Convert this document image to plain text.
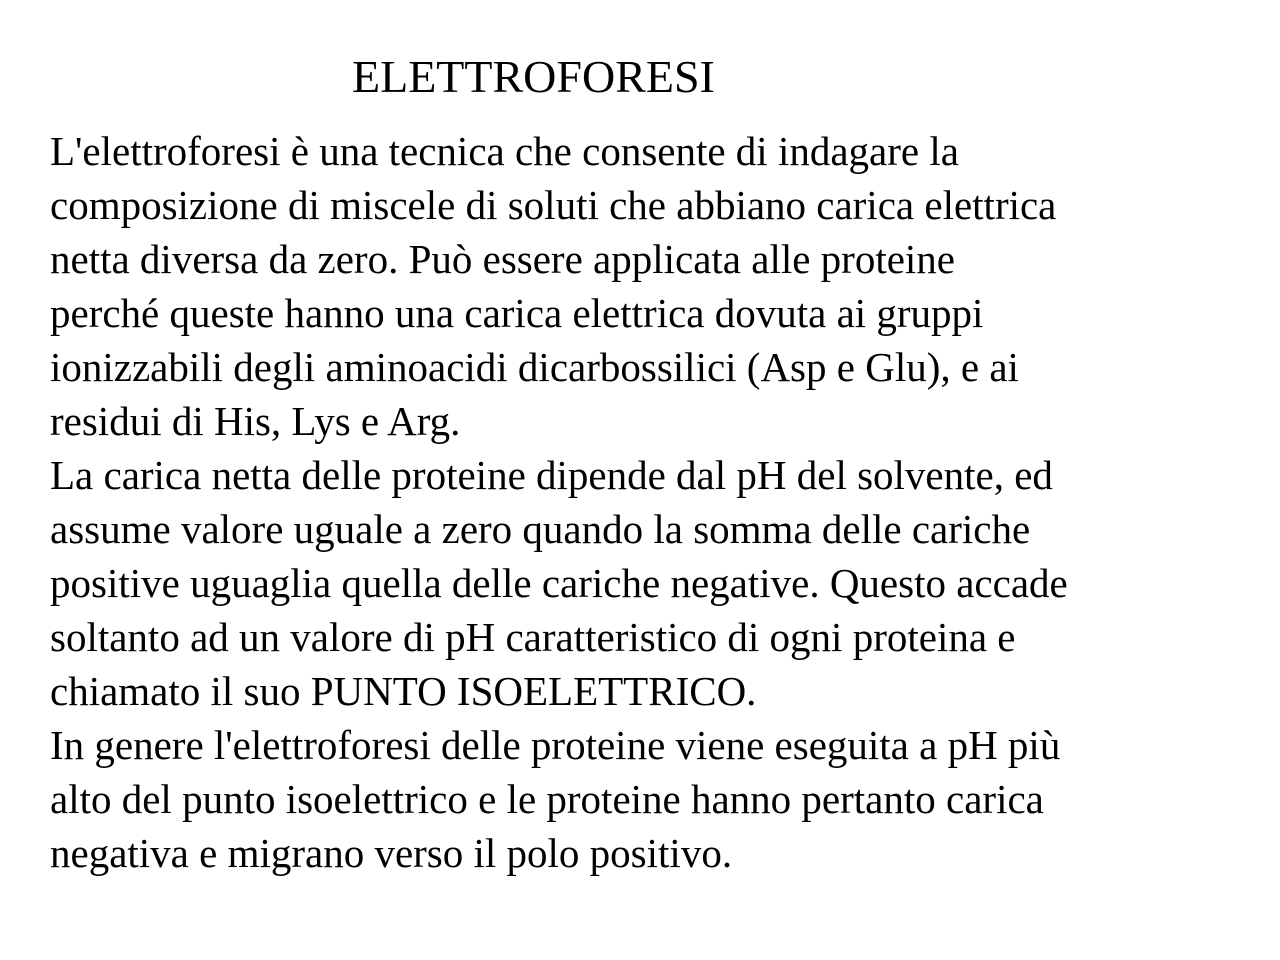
ELETTROFORESI
L'elettroforesi è una tecnica che consente di indagare la
composizione di miscele di soluti che abbiano carica elettrica
netta diversa da zero. Può essere applicata alle proteine
perché queste hanno una carica elettrica dovuta ai gruppi
ionizzabili degli aminoacidi dicarbossilici (Asp e Glu), e ai
residui di His, Lys e Arg.
La carica netta delle proteine dipende dal pH del solvente, ed
assume valore uguale a zero quando la somma delle cariche
positive uguaglia quella delle cariche negative. Questo accade
soltanto ad un valore di pH caratteristico di ogni proteina e
chiamato il suo PUNTO ISOELETTRICO.
In genere l'elettroforesi delle proteine viene eseguita a pH più
alto del punto isoelettrico e le proteine hanno pertanto carica
negativa e migrano verso il polo positivo.
